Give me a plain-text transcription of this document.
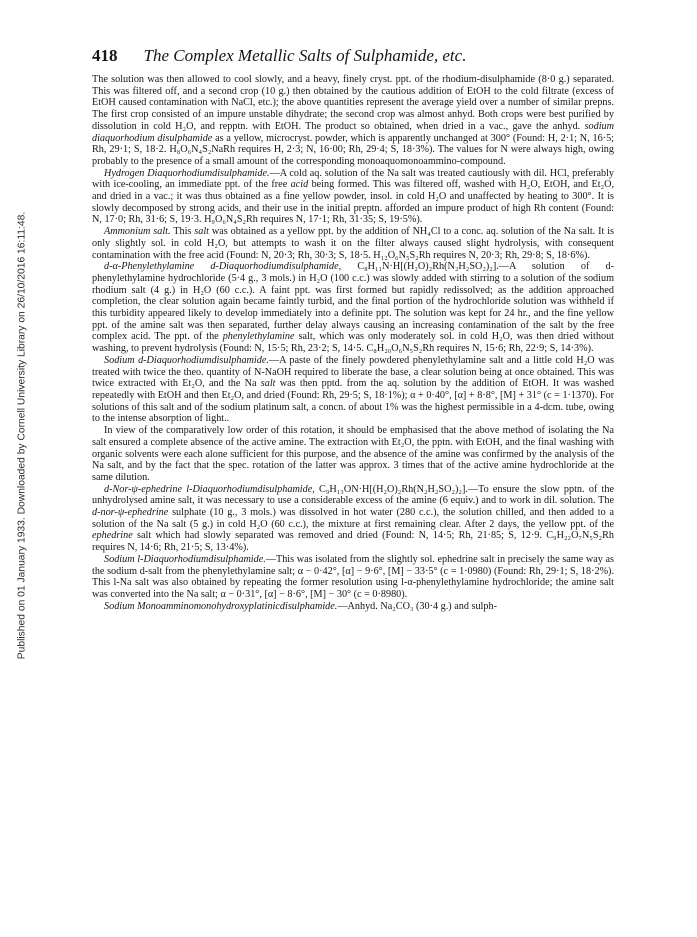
418 The Complex Metallic Salts of Sulphamide, etc.
Published on 01 January 1933. Downloaded by Cornell University Library on 26/10/2016 16:11:48.

The solution was then allowed to cool slowly, and a heavy, finely cryst. ppt. of the rhodium-disulphamide (8·0 g.) separated. This was filtered off, and a second crop (10 g.) then obtained by the cautious addition of EtOH to the cold filtrate (excess of EtOH caused contamination with NaCl, etc.); the above quantities represent the average yield over a number of similar prepns. The first crop consisted of an impure unstable dihydrate; the second crop was almost anhyd. Both crops were best purified by dissolution in cold H₂O, and repptn. with EtOH. The product so obtained, when dried in a vac., gave the anhyd. sodium diaquorhodium disulphamide as a yellow, microcryst. powder, which is apparently unchanged at 300° (Found: H, 2·1; N, 16·5; Rh, 29·1; S, 18·2. H₈O₆N₄S₂NaRh requires H, 2·3; N, 16·00; Rh, 29·4; S, 18·3%). The values for N were always high, owing probably to the presence of a small amount of the corresponding monoaquomonoammino-compound.

Hydrogen Diaquorhodiumdisulphamide.—A cold aq. solution of the Na salt was treated cautiously with dil. HCl, preferably with ice-cooling, an immediate ppt. of the free acid being formed. This was filtered off, washed with H₂O, EtOH, and Et₂O, and dried in a vac.; it was thus obtained as a fine yellow powder, insol. in cold H₂O and unaffected by heating to 300°. It is slowly decomposed by strong acids, and their use in the initial preptn. afforded an impure product of high Rh content (Found: N, 17·0; Rh, 31·6; S, 19·3. H₉O₆N₄S₂Rh requires N, 17·1; Rh, 31·35; S, 19·5%).

Ammonium salt. This salt was obtained as a yellow ppt. by the addition of NH₄Cl to a conc. aq. solution of the Na salt. It is only slightly sol. in cold H₂O, but attempts to wash it on the filter always caused slight hydrolysis, with consequent contamination with the free acid (Found: N, 20·3; Rh, 30·3; S, 18·5. H₁₂O₆N₅S₂Rh requires N, 20·3; Rh, 29·8; S, 18·6%).

d-α-Phenylethylamine d-Diaquorhodiumdisulphamide, C₈H₁₁N·H[(H₂O)₂Rh(N₂H₂SO₂)₂].—A solution of d-phenylethylamine hydrochloride (5·4 g., 3 mols.) in H₂O (100 c.c.) was slowly added with stirring to a solution of the sodium rhodium salt (4 g.) in H₂O (60 c.c.). A faint ppt. was first formed but rapidly redissolved; as the addition approached completion, the clear solution again became faintly turbid, and the final portion of the hydrochloride solution was withheld if this turbidity appeared likely to develop immediately into a definite ppt. The solution was kept for 24 hr., and the fine yellow ppt. of the amine salt was then separated, further delay always causing an increasing contamination of the salt by the free complex acid. The ppt. of the phenylethylamine salt, which was only moderately sol. in cold H₂O, was then dried without washing, to prevent hydrolysis (Found: N, 15·5; Rh, 23·2; S, 14·5. C₈H₂₀O₆N₅S₂Rh requires N, 15·6; Rh, 22·9; S, 14·3%).

Sodium d-Diaquorhodiumdisulphamide.—A paste of the finely powdered phenylethylamine salt and a little cold H₂O was treated with twice the theo. quantity of N-NaOH required to liberate the base, a clear solution being at once obtained. This was twice extracted with Et₂O, and the Na salt was then pptd. from the aq. solution by the addition of EtOH. It was washed repeatedly with EtOH and then Et₂O, and dried (Found: Rh, 29·5; S, 18·1%); α + 0·40°, [α] + 8·8°, [M] + 31° (c = 1·1370). For solutions of this salt and of the sodium platinum salt, a concn. of about 1% was the highest permissible in a 4-dcm. tube, owing to the intense absorption of light..

In view of the comparatively low order of this rotation, it should be emphasised that the above method of isolating the Na salt ensured a complete absence of the active amine. The extraction with Et₂O, the pptn. with EtOH, and the final washing with organic solvents were each alone sufficient for this purpose, and the absence of the amine was confirmed by the analysis of the Na salt, and by the fact that the spec. rotation of the latter was approx. 3 times that of the active amine hydrochloride at the same dilution.

d-Nor-ψ-ephedrine l-Diaquorhodiumdisulphamide, C₉H₁₃ON·H[(H₂O)₂Rh(N₂H₂SO₂)₂].—To ensure the slow pptn. of the unhydrolysed amine salt, it was necessary to use a considerable excess of the amine (6 equiv.) and to work in dil. solution. The d-nor-ψ-ephedrine sulphate (10 g., 3 mols.) was dissolved in hot water (280 c.c.), the solution chilled, and then added to a solution of the Na salt (5 g.) in cold H₂O (60 c.c.), the mixture at first remaining clear. After 2 days, the yellow ppt. of the ephedrine salt which had slowly separated was removed and dried (Found: N, 14·5; Rh, 21·85; S, 12·9. C₉H₂₂O₇N₅S₂Rh requires N, 14·6; Rh, 21·5; S, 13·4%).

Sodium l-Diaquorhodiumdisulphamide.—This was isolated from the slightly sol. ephedrine salt in precisely the same way as the sodium d-salt from the phenylethylamine salt; α − 0·42°, [α] − 9·6°, [M] − 33·5° (c = 1·0980) (Found: Rh, 29·1; S, 18·2%). This l-Na salt was also obtained by repeating the former resolution using l-α-phenylethylamine hydrochloride; the amine salt was converted into the Na salt; α − 0·31°, [α] − 8·6°, [M] − 30° (c = 0·8980).

Sodium Monoamminomonohydroxyplatinicdisulphamide.—Anhyd. Na₂CO₃ (30·4 g.) and sulph-
